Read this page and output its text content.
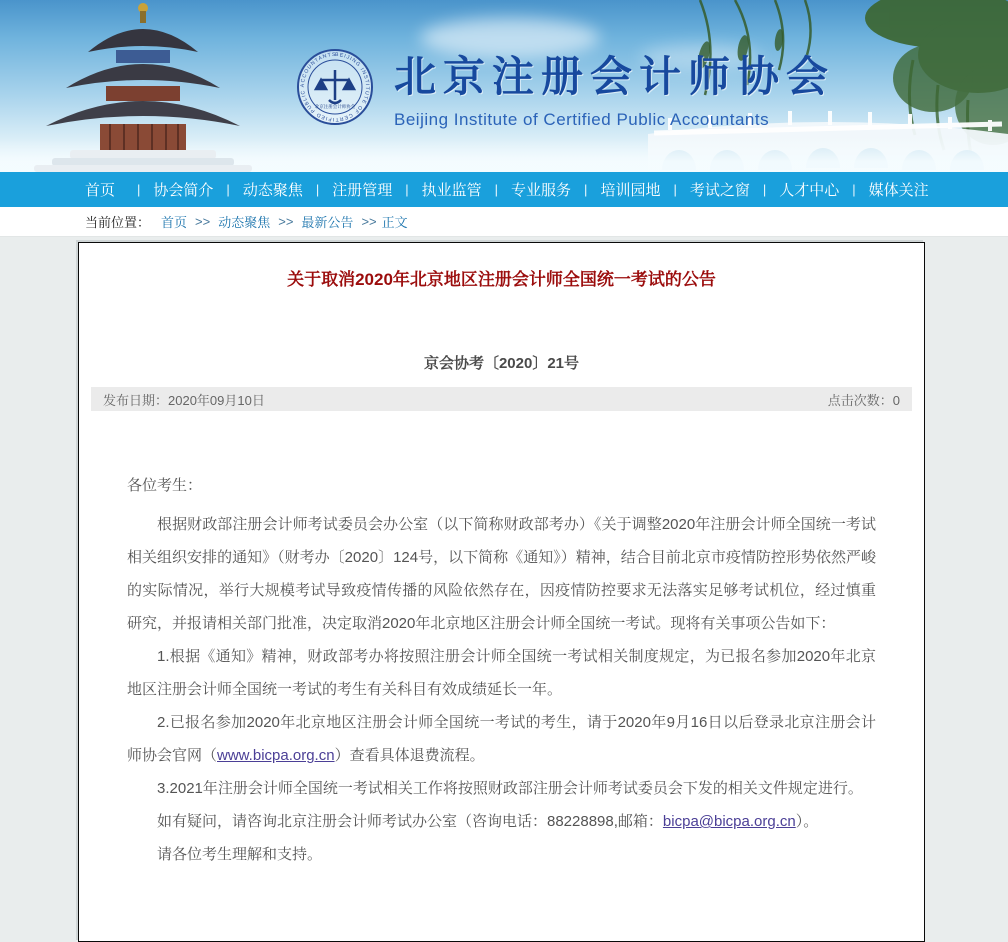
BEIJING INSTITUTE OF CERTIFIED PUBLIC ACCOUNTANTS
北京注册会计师协会
北京注册会计师协会
Beijing Institute of Certified Public Accountants
首页	| 协会简介	| 动态聚焦	| 注册管理	| 执业监管	| 专业服务	| 培训园地	| 考试之窗	| 人才中心	| 媒体关注
当前位置： 首页 >> 动态聚焦 >> 最新公告 >> 正文
关于取消2020年北京地区注册会计师全国统一考试的公告
京会协考〔2020〕21号
发布日期：2020年09月10日	点击次数：0

各位考生：

根据财政部注册会计师考试委员会办公室（以下简称财政部考办）《关于调整2020年注册会计师全国统一考试相关组织安排的通知》（财考办〔2020〕124号，以下简称《通知》）精神，结合目前北京市疫情防控形势依然严峻的实际情况，举行大规模考试导致疫情传播的风险依然存在，因疫情防控要求无法落实足够考试机位，经过慎重研究，并报请相关部门批准，决定取消2020年北京地区注册会计师全国统一考试。现将有关事项公告如下：

1.根据《通知》精神，财政部考办将按照注册会计师全国统一考试相关制度规定，为已报名参加2020年北京地区注册会计师全国统一考试的考生有关科目有效成绩延长一年。

2.已报名参加2020年北京地区注册会计师全国统一考试的考生，请于2020年9月16日以后登录北京注册会计师协会官网（www.bicpa.org.cn）查看具体退费流程。

3.2021年注册会计师全国统一考试相关工作将按照财政部注册会计师考试委员会下发的相关文件规定进行。

如有疑问，请咨询北京注册会计师考试办公室（咨询电话：88228898,邮箱：bicpa@bicpa.org.cn）。

请各位考生理解和支持。
